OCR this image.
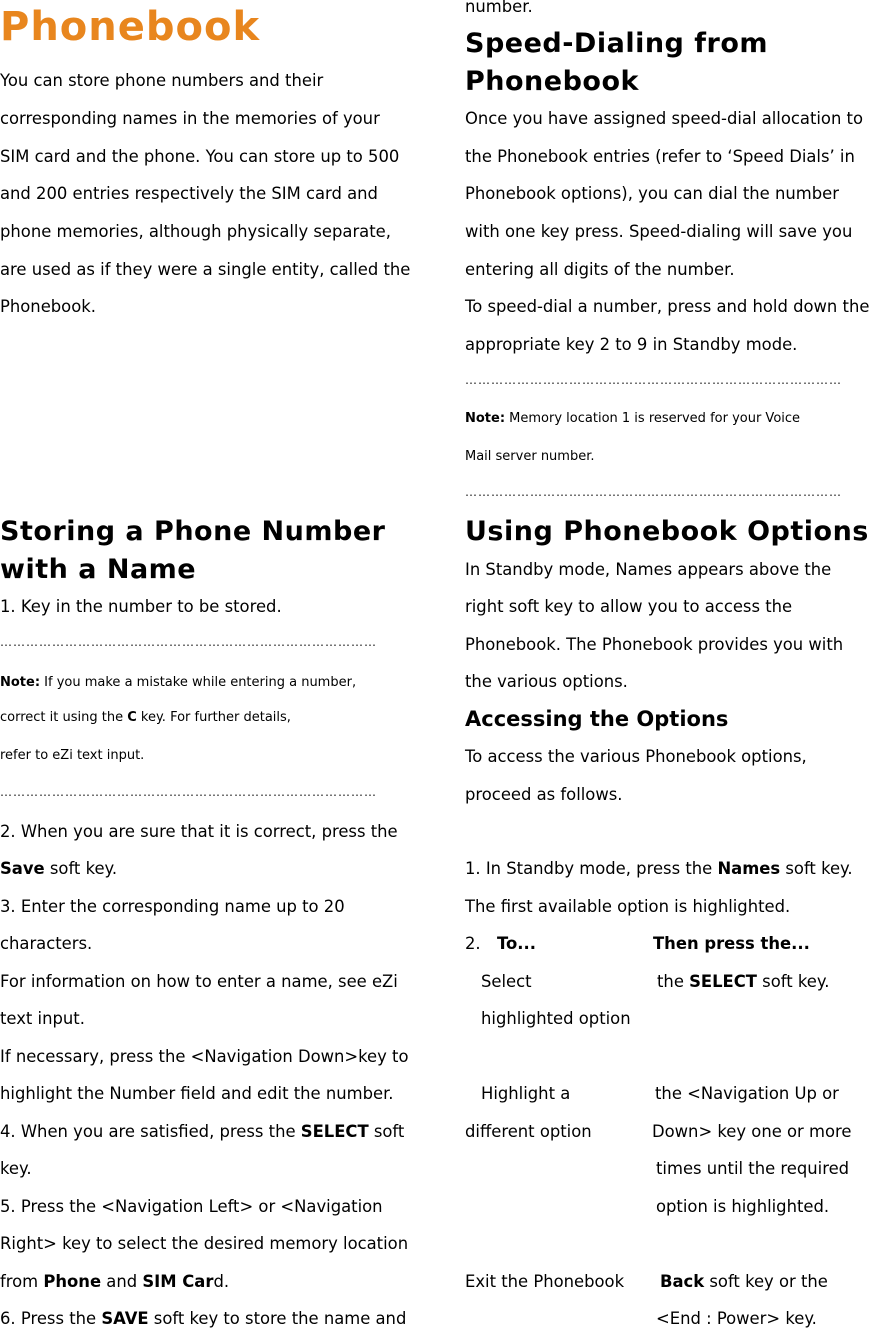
Phonebook
You can store phone numbers and their
corresponding names in the memories of your
SIM card and the phone. You can store up to 500
and 200 entries respectively the SIM card and
phone memories, although physically separate,
are used as if they were a single entity, called the
Phonebook.
Storing a Phone Number
with a Name
1. Key in the number to be stored.
……………………………………………………………………………
Note: If you make a mistake while entering a number,
correct it using the C key. For further details,
refer to eZi text input.
……………………………………………………………………………
2. When you are sure that it is correct, press the
Save soft key.
3. Enter the corresponding name up to 20
characters.
For information on how to enter a name, see eZi
text input.
If necessary, press the <Navigation Down>key to
highlight the Number field and edit the number.
4. When you are satisfied, press the SELECT soft
key.
5. Press the <Navigation Left> or <Navigation
Right> key to select the desired memory location
from Phone and SIM Card.
6. Press the SAVE soft key to store the name and
number.
Speed-Dialing from
Phonebook
Once you have assigned speed-dial allocation to
the Phonebook entries (refer to ‘Speed Dials’ in
Phonebook options), you can dial the number
with one key press. Speed-dialing will save you
entering all digits of the number.
To speed-dial a number, press and hold down the
appropriate key 2 to 9 in Standby mode.
……………………………………………………………………………
Note: Memory location 1 is reserved for your Voice
Mail server number.
……………………………………………………………………………
Using Phonebook Options
In Standby mode, Names appears above the
right soft key to allow you to access the
Phonebook. The Phonebook provides you with
the various options.
Accessing the Options
To access the various Phonebook options,
proceed as follows.
1. In Standby mode, press the Names soft key.
The first available option is highlighted.
2. To...	Then press the...
Select
highlighted option
the SELECT soft key.
Highlight a
different option
the <Navigation Up or
Down> key one or more
times until the required
option is highlighted.
Exit the Phonebook Back soft key or the
<End : Power> key.
